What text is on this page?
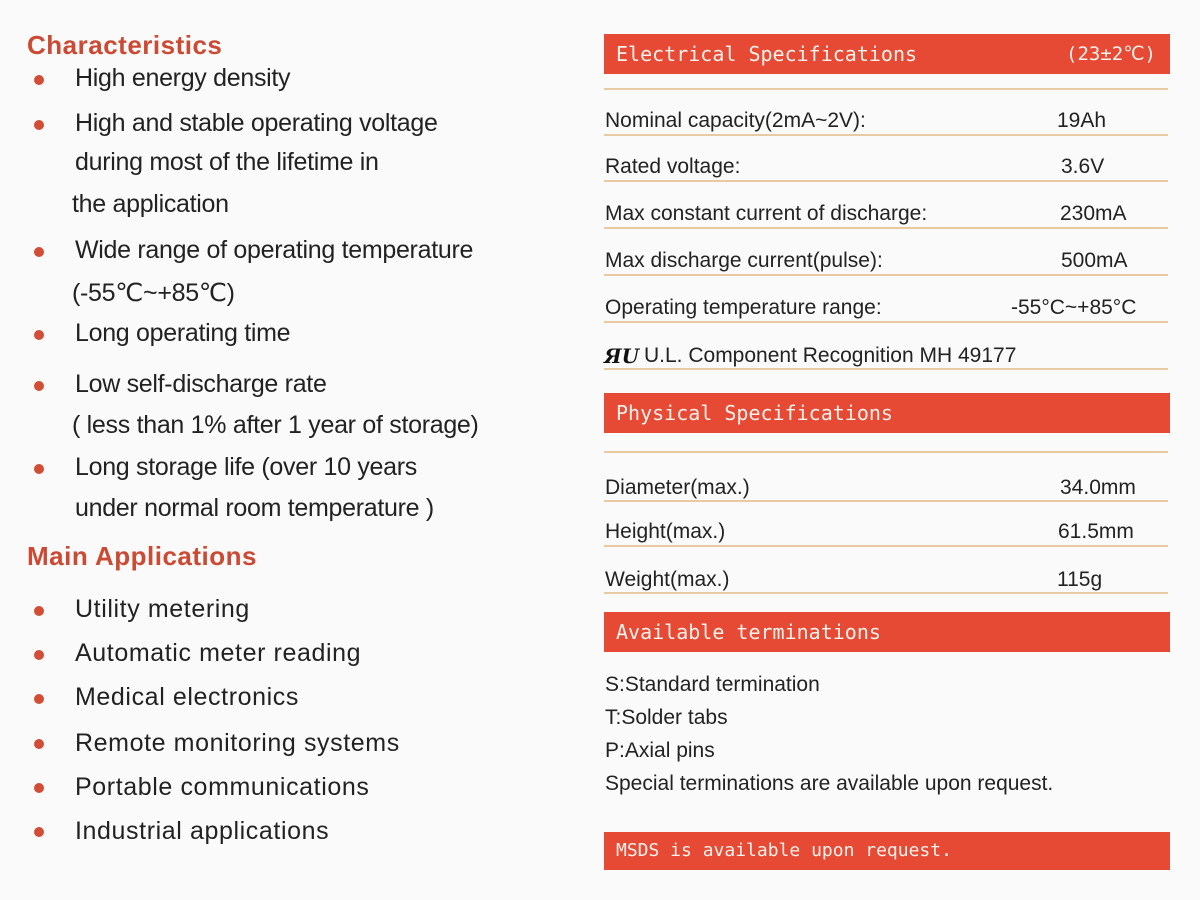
Characteristics
High energy density
High and stable operating voltage
during most of the lifetime in
the application
Wide range of operating temperature
(-55℃~+85℃)
Long operating time
Low self-discharge rate
( less than 1% after 1 year of storage)
Long storage life (over 10 years
under normal room temperature )
Main Applications
Utility metering
Automatic meter reading
Medical electronics
Remote monitoring systems
Portable communications
Industrial applications
Electrical Specifications	(23±2℃)
Nominal capacity(2mA~2V):	19Ah
Rated voltage:	3.6V
Max constant current of discharge:	230mA
Max discharge current(pulse):	500mA
Operating temperature range:	-55°C~+85°C
ЯU U.L. Component Recognition MH 49177
Physical Specifications
Diameter(max.)	34.0mm
Height(max.)	61.5mm
Weight(max.)	115g
Available terminations
S:Standard termination
T:Solder tabs
P:Axial pins
Special terminations are available upon request.
MSDS is available upon request.
